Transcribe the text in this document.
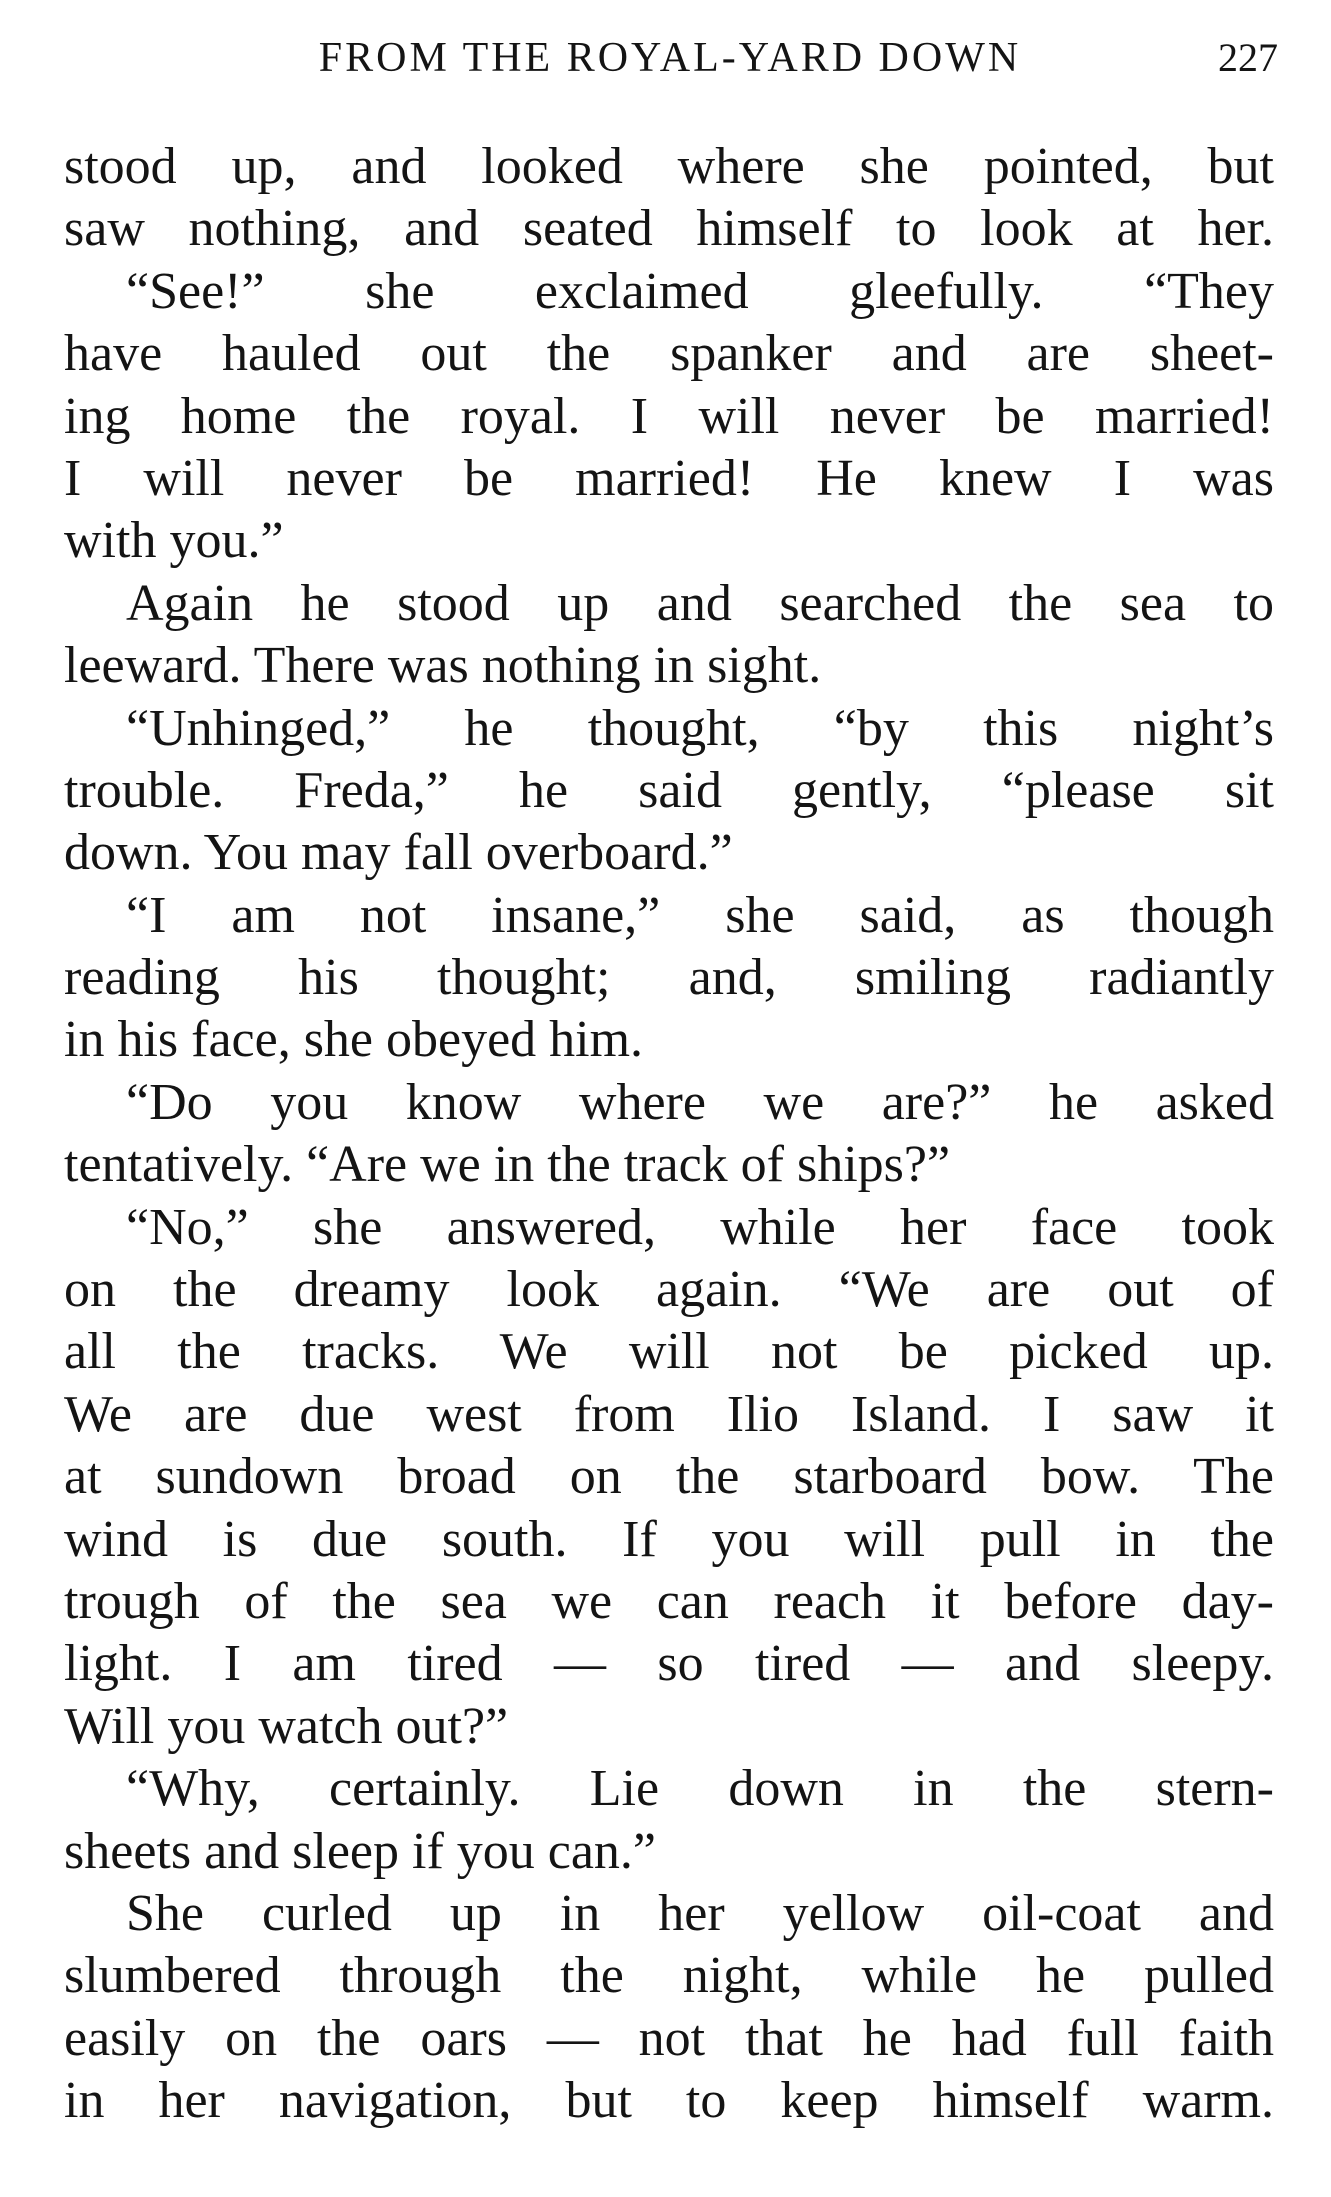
FROM THE ROYAL-YARD DOWN	227
stood up, and looked where she pointed, but
saw nothing, and seated himself to look at her.
“See!” she exclaimed gleefully. “They
have hauled out the spanker and are sheet-
ing home the royal. I will never be married!
I will never be married! He knew I was
with you.”
Again he stood up and searched the sea to
leeward. There was nothing in sight.
“Unhinged,” he thought, “by this night’s
trouble. Freda,” he said gently, “please sit
down. You may fall overboard.”
“I am not insane,” she said, as though
reading his thought; and, smiling radiantly
in his face, she obeyed him.
“Do you know where we are?” he asked
tentatively. “Are we in the track of ships?”
“No,” she answered, while her face took
on the dreamy look again. “We are out of
all the tracks. We will not be picked up.
We are due west from Ilio Island. I saw it
at sundown broad on the starboard bow. The
wind is due south. If you will pull in the
trough of the sea we can reach it before day-
light. I am tired — so tired — and sleepy.
Will you watch out?”
“Why, certainly. Lie down in the stern-
sheets and sleep if you can.”
She curled up in her yellow oil-coat and
slumbered through the night, while he pulled
easily on the oars — not that he had full faith
in her navigation, but to keep himself warm.
